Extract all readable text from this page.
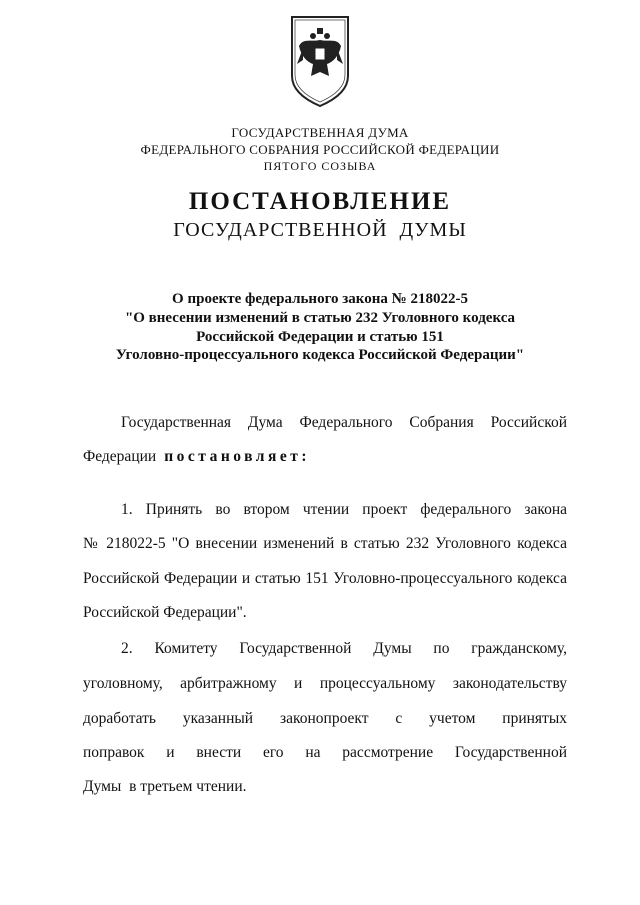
ГОСУДАРСТВЕННАЯ ДУМА
ФЕДЕРАЛЬНОГО СОБРАНИЯ РОССИЙСКОЙ ФЕДЕРАЦИИ
ПЯТОГО СОЗЫВА
ПОСТАНОВЛЕНИЕ
ГОСУДАРСТВЕННОЙ ДУМЫ
О проекте федерального закона № 218022-5
"О внесении изменений в статью 232 Уголовного кодекса
Российской Федерации и статью 151
Уголовно-процессуального кодекса Российской Федерации"
Государственная Дума Федерального Собрания Российской
Федерации постановляет:
1. Принять во втором чтении проект федерального закона
№ 218022-5 "О внесении изменений в статью 232 Уголовного кодекса
Российской Федерации и статью 151 Уголовно-процессуального кодекса
Российской Федерации".
2. Комитету Государственной Думы по гражданскому,
уголовному, арбитражному и процессуальному законодательству
доработать указанный законопроект с учетом принятых
поправок и внести его на рассмотрение Государственной
Думы  в третьем чтении.
